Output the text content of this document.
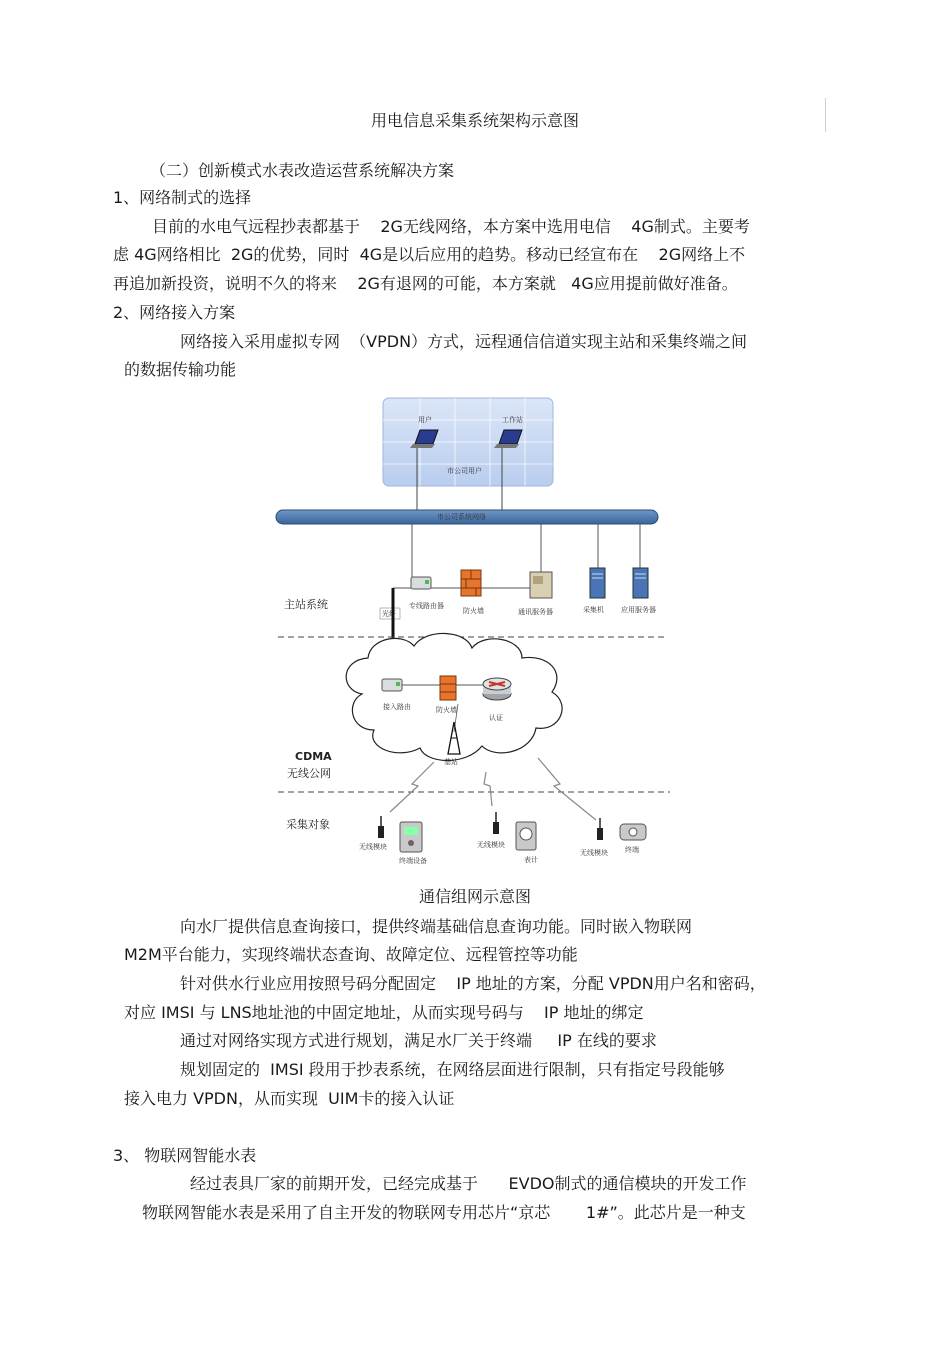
用电信息采集系统架构示意图
（二）创新模式水表改造运营系统解决方案
1、网络制式的选择
目前的水电气远程抄表都基于    2G无线网络，本方案中选用电信    4G制式。主要考
虑 4G网络相比  2G的优势，同时  4G是以后应用的趋势。移动已经宣布在    2G网络上不
再追加新投资，说明不久的将来    2G有退网的可能，本方案就   4G应用提前做好准备。
2、网络接入方案
网络接入采用虚拟专网  （VPDN）方式，远程通信信道实现主站和采集终端之间
的数据传输功能
用户	工作站
市公司用户
市公司系统网络
主站系统	专线路由器
防火墙	通讯服务器	采集机 应用服务器
光纤
接入路由	防火墙
认证
基站
CDMA
无线公网
采集对象
无线模块
终端设备
无线模块
表计
无线模块 终端
通信组网示意图
向水厂提供信息查询接口，提供终端基础信息查询功能。同时嵌入物联网
M2M平台能力，实现终端状态查询、故障定位、远程管控等功能
针对供水行业应用按照号码分配固定    IP 地址的方案，分配 VPDN用户名和密码，
对应 IMSI 与 LNS地址池的中固定地址，从而实现号码与    IP 地址的绑定
通过对网络实现方式进行规划，满足水厂关于终端     IP 在线的要求
规划固定的  IMSI 段用于抄表系统，在网络层面进行限制，只有指定号段能够
接入电力 VPDN，从而实现  UIM卡的接入认证
3、 物联网智能水表
经过表具厂家的前期开发，已经完成基于      EVDO制式的通信模块的开发工作
物联网智能水表是采用了自主开发的物联网专用芯片“京芯       1#”。此芯片是一种支
